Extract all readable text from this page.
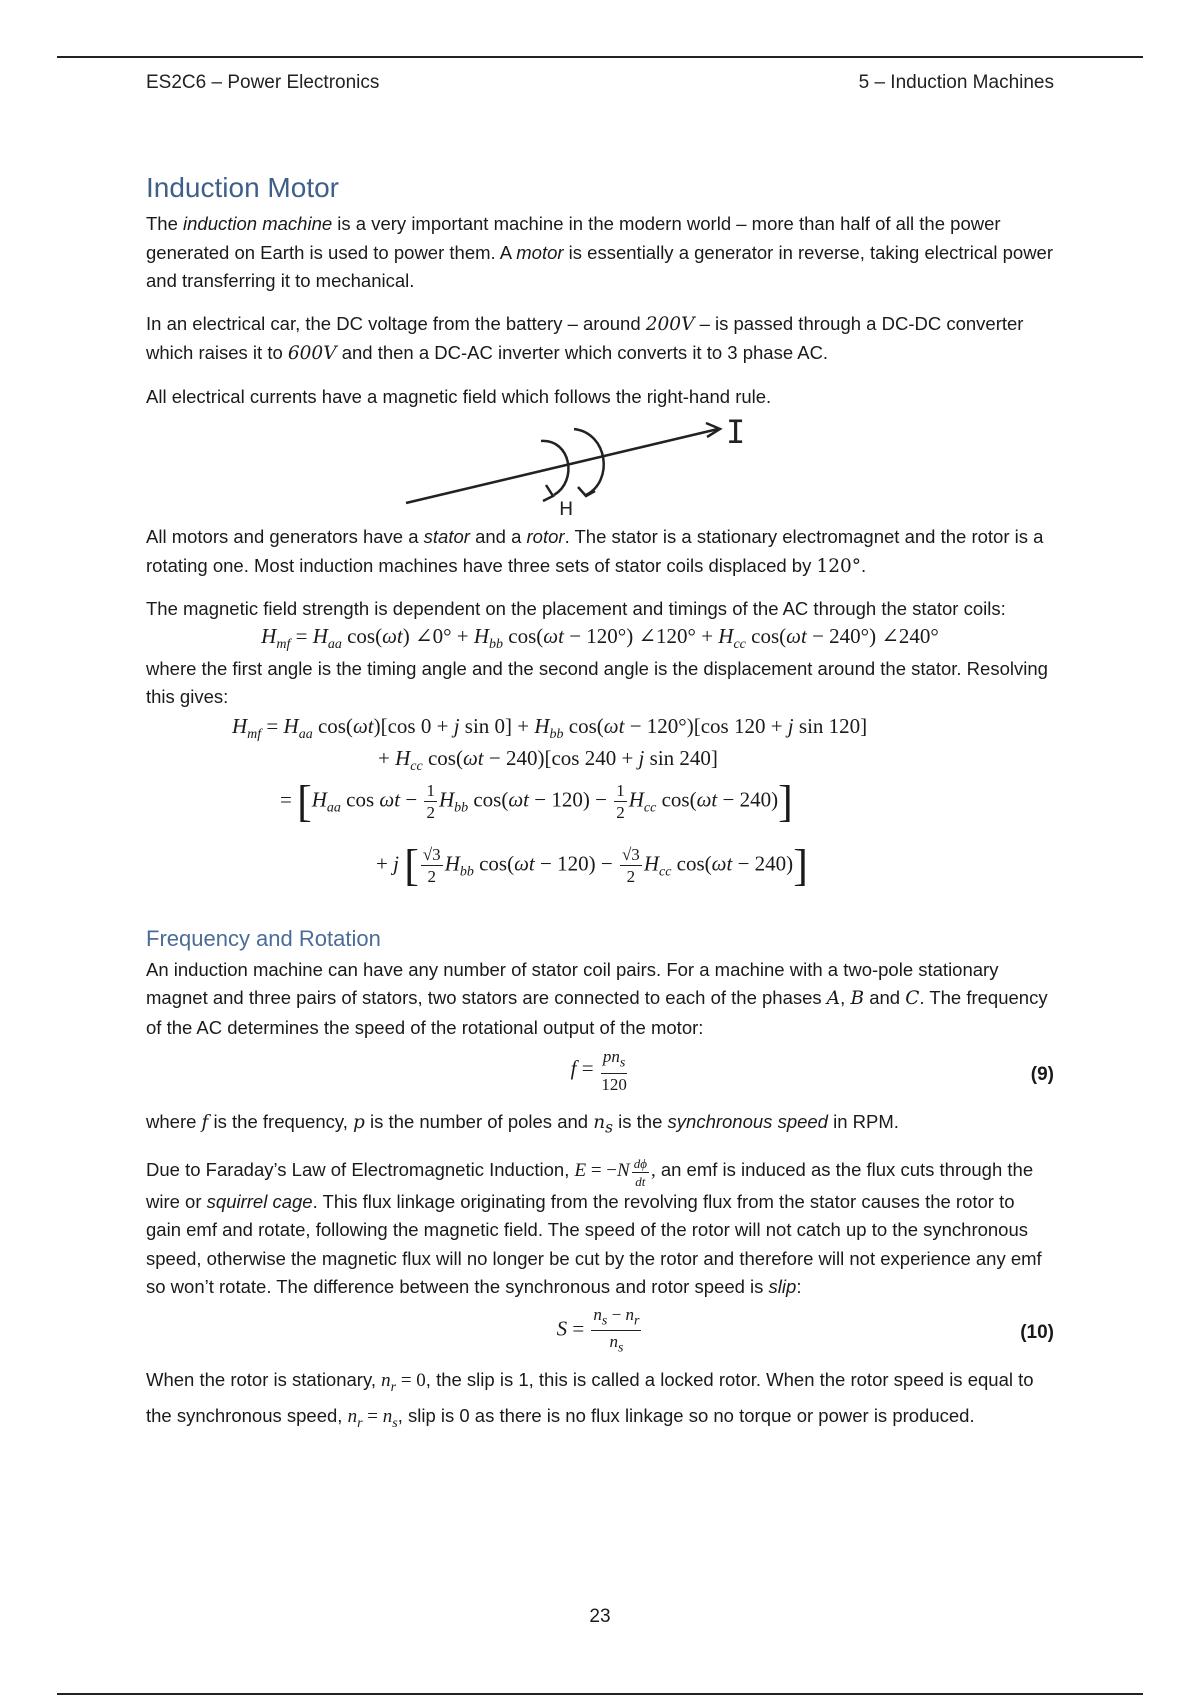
ES2C6 – Power Electronics	5 – Induction Machines
Induction Motor

The induction machine is a very important machine in the modern world – more than half of all the power generated on Earth is used to power them. A motor is essentially a generator in reverse, taking electrical power and transferring it to mechanical.

In an electrical car, the DC voltage from the battery – around 200V – is passed through a DC-DC converter which raises it to 600V and then a DC-AC inverter which converts it to 3 phase AC.

All electrical currents have a magnetic field which follows the right-hand rule.

I
H

All motors and generators have a stator and a rotor. The stator is a stationary electromagnet and the rotor is a rotating one. Most induction machines have three sets of stator coils displaced by 120°.

The magnetic field strength is dependent on the placement and timings of the AC through the stator coils:

$H_{mf} = H_{aa}$ cos(ωt) ∠0° + $H_{bb}$ cos(ωt − 120°) ∠120° + $H_{cc}$ cos(ωt − 240°) ∠240°

where the first angle is the timing angle and the second angle is the displacement around the stator. Resolving this gives:

$H_{mf} = H_{aa}$ cos(ωt)[cos 0 + j $\sin 0] + H_{bb}$ cos(ωt − 120°)[cos 120 + j sin 120]
+ $H_{cc}$ cos(ωt − 240)[cos 240 + j sin 240]
= [$H_{aa}$ $\cos \omega t - \frac{1}{2} H_{bb}$ $\cos(\omega t - 120) - \frac{1}{2} H_{cc}$ cos(ωt − 240)]
+ j [ $\frac{√3}{2} H_{bb}$ $\cos(\omega t - 120) - \frac{√3}{2} H_{cc}$ cos(ωt − 240)]
Frequency and Rotation

An induction machine can have any number of stator coil pairs. For a machine with a two-pole stationary magnet and three pairs of stators, two stators are connected to each of the phases A, B and C. The frequency of the AC determines the speed of the rotational output of the motor:

$f = \frac{pn_s}{120}$	(9)

where f is the frequency, p is the number of poles and $n_s$ is the synchronous speed in RPM.

Due to Faraday’s Law of Electromagnetic Induction, $E = -N \frac{d\phi}{dt}$ , an emf is induced as the flux cuts through the wire or squirrel cage. This flux linkage originating from the revolving flux from the stator causes the rotor to gain emf and rotate, following the magnetic field. The speed of the rotor will not catch up to the synchronous speed, otherwise the magnetic flux will no longer be cut by the rotor and therefore will not experience any emf so won’t rotate. The difference between the synchronous and rotor speed is slip:

$S = \frac{n_s - n_r}{n_s}$	(10)

When the rotor is stationary, $n_r = 0$, the slip is 1, this is called a locked rotor. When the rotor speed is equal to the synchronous speed, $n_r = n_s$, slip is 0 as there is no flux linkage so no torque or power is produced.

23
